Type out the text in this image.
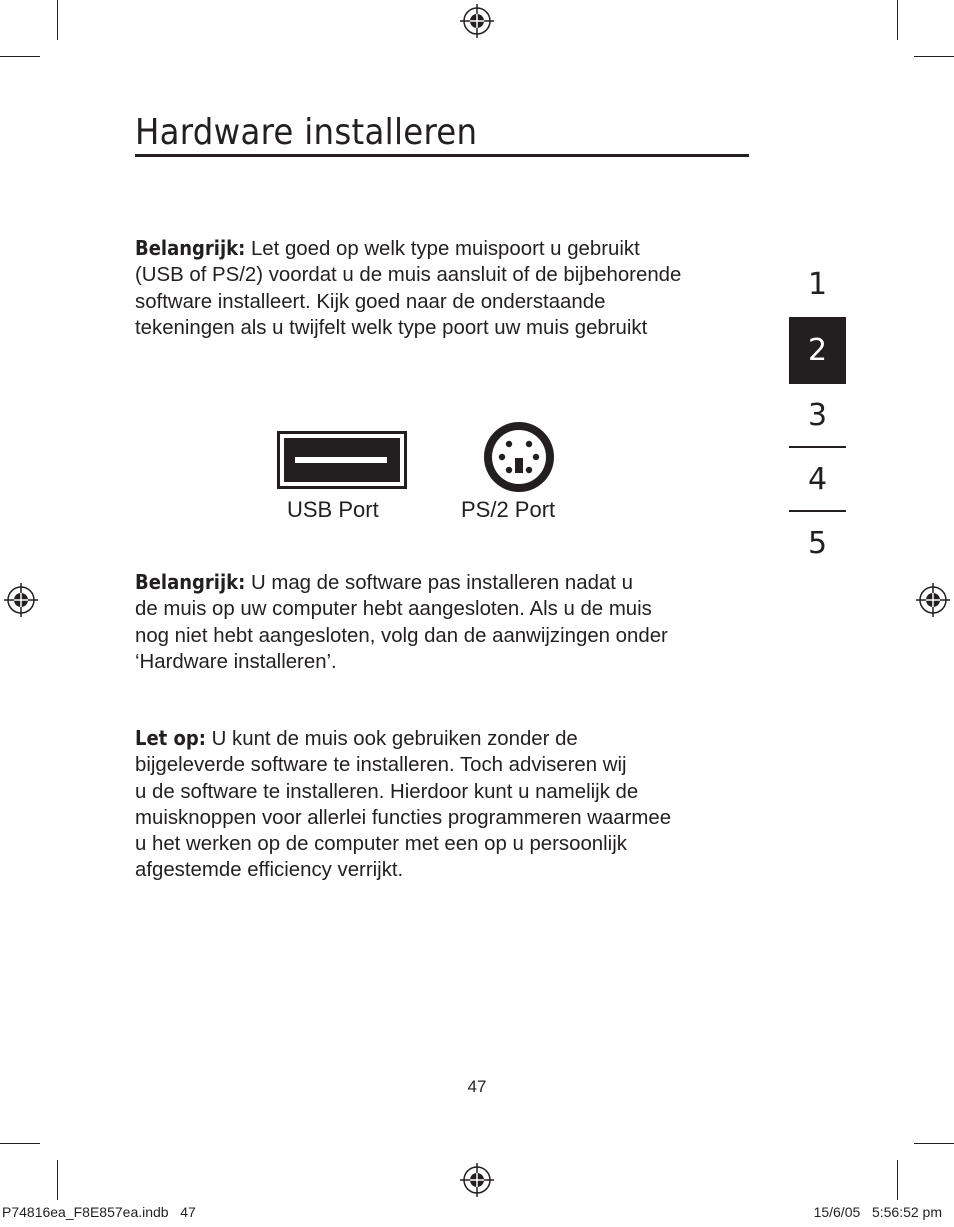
Hardware installeren
Belangrijk: Let goed op welk type muispoort u gebruikt
(USB of PS/2) voordat u de muis aansluit of de bijbehorende
software installeert. Kijk goed naar de onderstaande
tekeningen als u twijfelt welk type poort uw muis gebruikt
USB Port	PS/2 Port
Belangrijk: U mag de software pas installeren nadat u
de muis op uw computer hebt aangesloten. Als u de muis
nog niet hebt aangesloten, volg dan de aanwijzingen onder
‘Hardware installeren’.
Let op: U kunt de muis ook gebruiken zonder de
bijgeleverde software te installeren. Toch adviseren wij
u de software te installeren. Hierdoor kunt u namelijk de
muisknoppen voor allerlei functies programmeren waarmee
u het werken op de computer met een op u persoonlijk
afgestemde efficiency verrijkt.
1
2
3
4
5
47
P74816ea_F8E857ea.indb   47	15/6/05   5:56:52 pm
